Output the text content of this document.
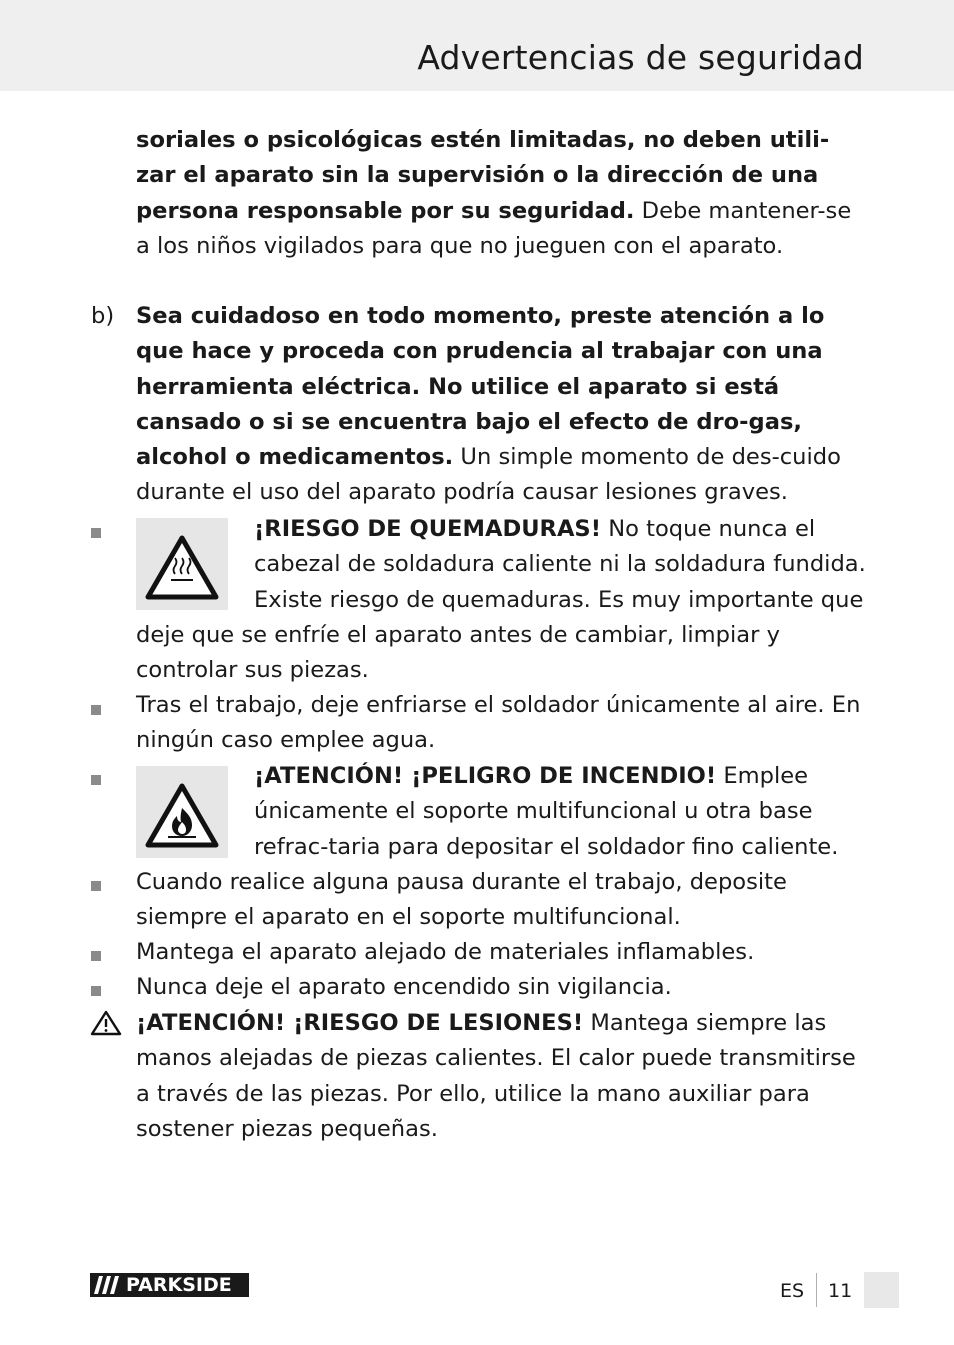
Advertencias de seguridad

soriales o psicológicas estén limitadas, no deben utili-zar el aparato sin la supervisión o la dirección de una persona responsable por su seguridad. Debe mantener-se a los niños vigilados para que no jueguen con el aparato.

b) Sea cuidadoso en todo momento, preste atención a lo que hace y proceda con prudencia al trabajar con una herramienta eléctrica. No utilice el aparato si está cansado o si se encuentra bajo el efecto de dro-gas, alcohol o medicamentos. Un simple momento de des-cuido durante el uso del aparato podría causar lesiones graves.

¡RIESGO DE QUEMADURAS! No toque nunca el cabezal de soldadura caliente ni la soldadura fundida. Existe riesgo de quemaduras. Es muy importante que

deje que se enfríe el aparato antes de cambiar, limpiar y controlar sus piezas.

Tras el trabajo, deje enfriarse el soldador únicamente al aire. En ningún caso emplee agua.

¡ATENCIÓN! ¡PELIGRO DE INCENDIO! Emplee únicamente el soporte multifuncional u otra base refrac-taria para depositar el soldador fino caliente.

Cuando realice alguna pausa durante el trabajo, deposite siempre el aparato en el soporte multifuncional.

Mantega el aparato alejado de materiales inflamables.

Nunca deje el aparato encendido sin vigilancia.

¡ATENCIÓN! ¡RIESGO DE LESIONES! Mantega siempre las manos alejadas de piezas calientes. El calor puede transmitirse a través de las piezas. Por ello, utilice la mano auxiliar para sostener piezas pequeñas.

PARKSIDE	ES 11
